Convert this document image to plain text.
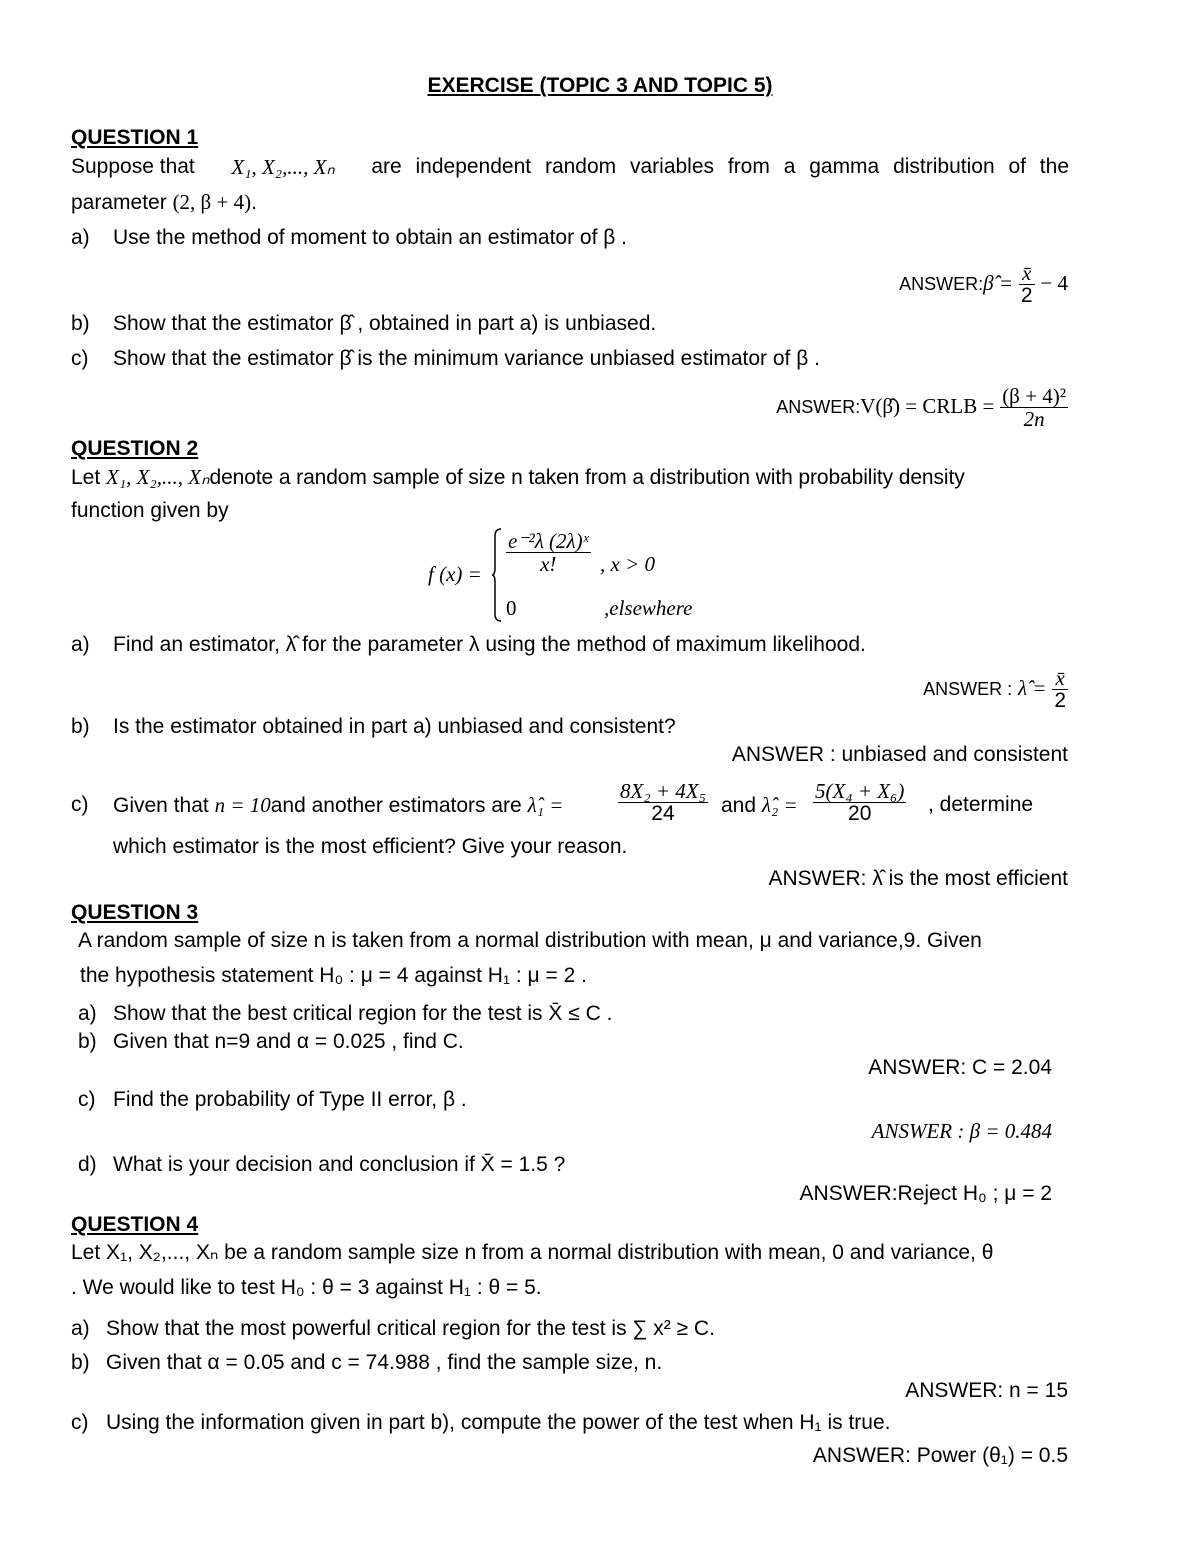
EXERCISE (TOPIC 3 AND TOPIC 5)
QUESTION 1
Suppose that X₁, X₂,..., Xₙ are independent random variables from a gamma distribution of the
parameter (2, β + 4).
a) Use the method of moment to obtain an estimator of β .
ANSWER:β̂ = $\frac{x̄}{2} - 4$
b) Show that the estimator β̂ , obtained in part a) is unbiased.
c) Show that the estimator β̂ is the minimum variance unbiased estimator of β .
ANSWER:V(β̂) = CRLB = $\frac{\text{(β + 4)²}}{2n}$
QUESTION 2
Let X₁, X₂,..., Xₙdenote a random sample of size n taken from a distribution with probability density
function given by
f $(x) = \frac{\text{e⁻²λ (2λ)ˣ}}{x!}$ , x > 0
0	,elsewhere
a) Find an estimator, λ̂ for the parameter λ using the method of maximum likelihood.
ANSWER : λ̂ = $\frac{x̄}{2}$
b) Is the estimator obtained in part a) unbiased and consistent?
ANSWER : unbiased and consistent
c) Given that n = 10and another estimators are λ̂₁ =	$\frac{\text{8X₂ + 4X₅}}{24}$ and λ̂₂ = $\frac{\text{5(X₄ + X₆)}}{20}$ , determine
which estimator is the most efficient? Give your reason.
ANSWER: λ̂ is the most efficient
QUESTION 3
A random sample of size n is taken from a normal distribution with mean, μ and variance,9. Given
the hypothesis statement H₀ : μ = 4 against H₁ : μ = 2 .
a) Show that the best critical region for the test is X̄ ≤ C .
b) Given that n=9 and α = 0.025 , find C.
ANSWER: C = 2.04
c) Find the probability of Type II error, β .
ANSWER : β = 0.484
d) What is your decision and conclusion if X̄ = 1.5 ?
ANSWER:Reject H₀ ; μ = 2
QUESTION 4
Let X₁, X₂,..., Xₙ be a random sample size n from a normal distribution with mean, 0 and variance, θ
. We would like to test H₀ : θ = 3 against H₁ : θ = 5.
a) Show that the most powerful critical region for the test is ∑ x² ≥ C.
b) Given that α = 0.05 and c = 74.988 , find the sample size, n.
ANSWER: n = 15
c) Using the information given in part b), compute the power of the test when H₁ is true.
ANSWER: Power (θ₁) = 0.5
